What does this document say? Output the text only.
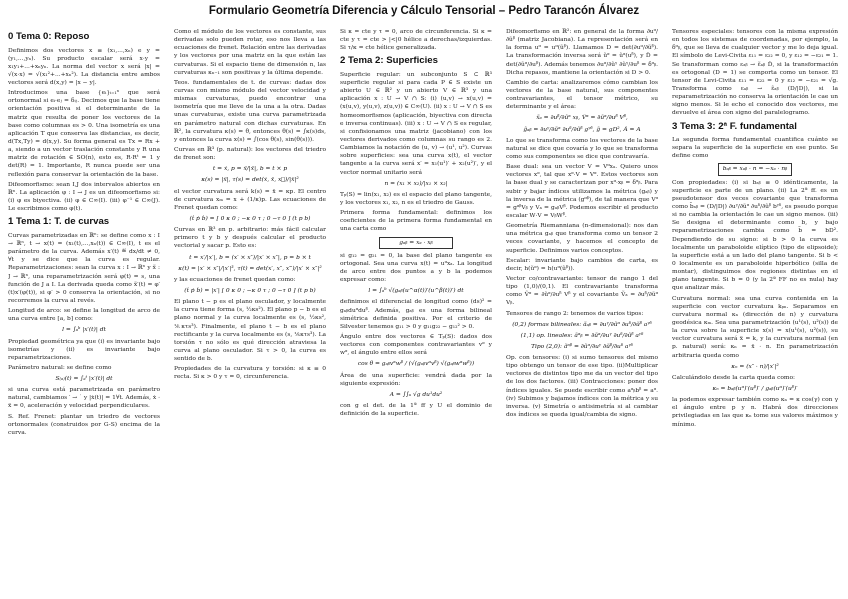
Formulario Geometría Diferencia y Cálculo Tensorial – Pedro Tarancón Álvarez
0 Tema 0: Reposo

Definimos dos vectores x ≡ (x₁,...,xₙ) e y = (y₁,...,yₙ). Su producto escalar será x·y = x₁y₁+...+xₙyₙ. La norma del vector x será |x| = √(x·x) = √(x₁²+...+xₙ²). La distancia entre ambos vectores será d(x,y) = |x − y|.

Introducimos una base {eᵢ}ᵢ₌₁ⁿ que será ortonormal si eᵢ·eⱼ = δᵢⱼ. Decimos que la base tiene orientación positiva si el determinante de la matriz que resulta de poner los vectores de la base como columnas es > 0. Una isometría es una aplicación T que conserva las distancias, es decir, d(Tx,Ty) = d(x,y). Su forma general es Tx = Rx + a, siendo a un vector traslación constante y R una matriz de rotación ∈ SO(n), esto es, R·Rᵗ = 1 y det(R) = 1. Importante, R nunca puede ser una reflexión para conservar la orientación de la base.

Difeomorfismo: sean I,J dos intervalos abiertos en ℝⁿ. La aplicación φ : I → J es un difeomorfismo si: (i) φ es biyectiva. (ii) φ ∈ C∞(I). (iii) φ⁻¹ ∈ C∞(J). Le escribimos como φ(t).

1 Tema 1: T. de curvas

Curvas parametrizadas en ℝⁿ: se define como x : I → ℝⁿ, t → x(t) = (x₁(t),...,xₙ(t)) ∈ C∞(I), t es el parámetro de la curva. Además x′(t) ≝ dx/dt ≠ 0, ∀t y se dice que la curva es regular. Reparametrizaciones: sean la curva x : I → ℝⁿ y x̃ : J → ℝⁿ, una reparametrización será φ(t) = s, una función de J a I. La derivada queda como x̃′(t) = φ′(t)x′(φ(t)), si φ′ > 0 conserva la orientación, si no recorremos la curva al revés.

Longitud de arco: se define la longitud de arco de una curva entre [a, b] como:

l = ∫ₐᵇ |x′(t)| dt

Propiedad geométrica ya que (i) es invariante bajo isometrías y (ii) es invariante bajo reparametrizaciones.

Parámetro natural: se define como

S₍ₐ₎(t) = ∫ₐᵗ |x′(t)| dt

si una curva está parametrizada en parámetro natural, cambiamos ′ → ˙ y |ẋ(t)| = 1∀t. Además, ẋ · ẍ = 0, aceleración y velocidad perpendiculares.

S. Ref. Frenet: plantar un triedro de vectores ortonormales (construidos por G-S) encima de la curva.

Como el módulo de los vectores es constante, sus derivadas solo pueden rotar, eso nos lleva a las ecuaciones de frenet. Relación entre las derivadas y los vectores por una matriz en la que están las curvaturas. Si el espacio tiene de dimensión n, las curvaturas κₙ₋₁ son positivas y la última depende.

Teos. fundamentales de t. de curvas: dadas dos curvas con mismo módulo del vector velocidad y mismas curvaturas, puedo encontrar una isometría que me lleve de la una a la otra. Dadas unas curvaturas, existe una curva parametrizada en parámetro natural con dichas curvaturas. En ℝ², la curvatura κ(s) = θ̇, entonces θ(s) = ∫κ(s)ds, y entonces la curva x(s) = ∫(cos θ(s), sin(θ(s))).

Curvas en ℝ³ (p. natural): los vectores del triedro de frenet son:

t = ẋ, p = ẍ/|ẍ|, b = t × p
κ(s) = |ẍ|, τ(s) = det(ẋ, ẍ, x⃛)/|ẍ|²

el vector curvatura será k(s) = ẍ = κp. El centro de curvatura xₘ = x + (1/κ)p. Las ecuaciones de Frenet quedan como:

(ṫ ṗ ḃ) = [ 0 κ 0 ; −κ 0 τ ; 0 −τ 0 ] (t p b)

Curvas en ℝ³ en p. arbitrario: más fácil calcular primero t y b y después calcular el producto vectorial y sacar p. Esto es:

t = x′/|x′|, b = (x′ × x″)/|x′ × x″|, p = b × t
κ(t) = |x′ × x″|/|x′|³, τ(t) = det(x′, x″, x‴)/|x′ × x″|²

y las ecuaciones de frenet quedan como:

(ṫ ṗ ḃ) = |x′| [ 0 κ 0 ; −κ 0 τ ; 0 −τ 0 ] (t p b)

El plano t − p es el plano osculador, y localmente la curva tiene forma (s, ½κs²). El plano p − b es el plano normal y la curva localmente es (s, ½κs², ⅙κτs³). Finalmente, el plano t − b es el plano rectificante y la curva localmente es (s, ⅙κτs³). La torsión τ no sólo es qué dirección atraviesa la curva al plano osculador. Si τ > 0, la curva es sentido de b.

Propiedades de la curvatura y torsión: si κ ≡ 0 recta. Si κ > 0 y τ = 0, circunferencia.

Si κ = cte y τ = 0, arco de circunferencia. Si κ = cte y τ = cte > |<|0 hélice a derechas/izquierdas. Si τ/κ = cte hélice generalizada.

2 Tema 2: Superficies

Superficie regular: un subconjunto S ⊂ ℝ³ superficie regular si para cada P ∈ S existe un abierto U ∈ ℝ² y un abierto V ∈ ℝ³ y una aplicación x : U → V ∩ S: (i) (u,v) → x(u,v) = (x(u,v), y(u,v), z(u,v)) ∈ C∞(U). (ii) x : U → V ∩ S es homeomorfismos (aplicación, biyectiva con directa e inversa continuas). (iii) x : U → V ∩ S es regular, si confisionamos una matriz (jacobiano) con los vectores derivados como columnas su rango es 2. Cambiamos la notación de (u, v) → (u¹, u²). Curvas sobre superficies: sea una curva x(t), el vector tangente a la curva será x′ = x₁(u¹)′ + x₂(u²)′, y el vector normal unitario será

n = (x₁ × x₂)/|x₁ × x₂|

Tₚ(S) = lin(x₁, x₂) es el espacio del plano tangente, y los vectores x₁, x₂, n es el triedro de Gauss.

Primera forma fundamental: definimos los coeficientes de la primera forma fundamental en una carta como

gₐᵦ = xₐ · xᵦ

si g₁₂ = g₂₁ = 0, la base del plano tangente es ortogonal. Sea una curva x(t) = uᵅxₐ. La longitud de arco entre dos puntos a y b la podemos expresar como:

l = ∫ₐᵇ √(gₐᵦ(u^α(t))′(u^β(t))′) dt

definimos el diferencial de longitud como (ds)² = gₐᵦduᵅduᵝ. Además, gₐᵦ es una forma bilineal simétrica definida positiva. Por el criterio de Silvester tenemos g₁₁ > 0 y g₁₁g₂₂ − g₁₂² > 0.

Ángulo entre dos vectores ∈ Tₚ(S): dados dos vectores con componentes contravariantes vᵅ y wᵅ, el ángulo entre ellos será

cos θ = gₐᵦvᵅwᵝ / (√(gₐᵦvᵅvᵝ) √(gₐᵦwᵅwᵝ))

Área de una superficie: vendrá dada por la siguiente expresión:

A = ∫∫ᵤ √g du¹du²

con g el det. de la 1ª ff y U el dominio de definición de la superficie.

Difeomorfismo en ℝ²: en general de la forma ∂uᵅ/∂ũᵝ (matriz Jacobiana). La representación será en la forma uᵅ = uᵅ(ũᵝ). Llamamos D = det(∂uᵅ/∂ũᵝ). La transformación inversa será ũᵅ = ũᵅ(uᵝ), y D̃ = det(∂ũᵅ/∂uᵝ). Además tenemos ∂uᵅ/∂ũᵞ ∂ũᵞ/∂uᵝ = δᵅᵦ. Dicha repasos, mantiene la orientación si D > 0.

Cambio de carta: analizaremos cómo cambian los vectores de la base natural, sus componentes contravariantes, el tensor métrico, su determinante y el área:

x̃ₐ = ∂uᵝ/∂ũᵅ xᵦ, Ṽᵅ = ∂ũᵅ/∂uᵝ Vᵝ,
g̃ₐᵦ = ∂uᵞ/∂ũᵅ ∂uᵟ/∂ũᵝ gᵞᵟ, g̃ = gD², Ã = A

Lo que se transforma como los vectores de la base natural se dice que covaría y lo que se transforma como sus componentes se dice que contravaría.

Base dual: sea un vector V = Vᵅxₐ. Quiero unos vectores xᵅ, tal que xᵅ·V = Vᵅ. Estos vectores son la base dual y se caracterizan por xᵅ·xᵦ = δᵅᵦ. Para subir y bajar índices utilizamos la métrica (gₐᵦ) y la inversa de la métrica (gᵅᵝ), de tal manera que Vᵅ = gᵅᵝVᵦ y Vₐ = gₐᵦVᵝ. Podemos escribir el producto escalar W·V = VᵦWᵝ.

Geometría Riemanniana (n-dimensional): nos dan una métrica gₐᵦ que transforma como un tensor 2 veces covariante, y hacemos el concepto de superficie. Definimos varios conceptos.

Escalar: invariante bajo cambios de carta, es decir, h(ũᵅ) = h(uᵅ(ũᵝ)).

Vector co/contravariante: tensor de rango 1 del tipo (1,0)/(0,1). El contravariante transforma como Ṽᵅ = ∂ũᵅ/∂uᵝ Vᵝ y el covariante Ṽₐ = ∂uᵝ/∂ũᵅ Vᵦ.

Tensores de rango 2: tenemos de varios tipos:

(0,2) formas bilineales: ãₐᵦ = ∂uᵞ/∂ũᵅ ∂uᵟ/∂ũᵝ aᵞᵟ
(1,1) op. lineales: ãᵅᵦ = ∂ũᵅ/∂uᵞ ∂uᵟ/∂ũᵝ aᵞᵟ
Tipo (2,0): ãᵅᵝ = ∂ũᵅ/∂uᵞ ∂ũᵝ/∂uᵟ aᵞᵟ

Op. con tensores: (i) si sumo tensores del mismo tipo obtengo un tensor de ese tipo. (ii)Multiplicar vectores de distintos tipo me da un vector del tipo de los dos factores. (iii) Contracciones: poner dos índices iguales. Se puede escribir como aᵅᵦbᵝ = aᵅ. (iv) Subimos y bajamos índices con la métrica y su inversa. (v) Simetría o antisimetría si al cambiar dos índices se queda igual/cambia de signo.

Tensores especiales: tensores con la misma expresión en todos los sistemas de coordenadas, por ejemplo, la δᵅᵦ, que se lleva de cualquier vector y me lo deja igual. El símbolo de Levi-Civita ε₁₁ = ε₂₂ = 0, y ε₁₂ = −ε₂₁ = 1. Se transforman como εₐᵦ → ε̃ₐᵦ D̃, si la transformación es ortogonal (D = 1) se comporta como un tensor. El tensor de Levi-Civita ε₁₁ = ε₂₂ = 0 y ε₁₂ = −ε₂₁ = √g. Transforma como εₐᵦ → ε̃ₐᵦ (D/|D|), si la reparametrización no conserva la orientación le cae un signo menos. Si le echo el conocido dos vectores, me devuelve el área con signo del paralelogramo.

3 Tema 3: 2ª F. fundamental

La segunda forma fundamental cuantifica cuánto se separa la superficie de la superficie en ese punto. Se define como

bₐᵦ = xₐᵦ · n = −xₐ · nᵦ

Con propiedades: (i) si bₐᵦ ≡ 0 idénticamente, la superficie es parte de un plano. (ii) La 2ª ff. es un pseudotensor dos veces covariante que transforma como b̃ₐᵦ = (D/|D|) ∂uᵞ/∂ũᵅ ∂uᵟ/∂ũᵝ bᵞᵟ, es pseudo porque si no cambia la orientación le cae un signo menos. (iii) Se designa el determinante como b, y bajo reparametrizaciones cambia como b̃ = bD². Dependiendo de su signo: si b > 0 la curva es localmente un paraboloide elíptico (tipo de elipsoide); la superficie está a un lado del plano tangente. Si b < 0 localmente es un paraboloide hiperbólico (silla de montar), distinguimos dos regiones distintas en el plano tangente. Si b = 0 (y la 2ª FF no es nula) hay que analizar más.

Curvatura normal: sea una curva contenida en la superficie con vector curvatura kₚₙ. Separamos en curvatura normal κₙ (dirección de n) y curvatura geodésica κₘ. Sea una parametrización (u¹(s), u²(s)) de la curva sobre la superficie x(s) = x(u¹(s), u²(s)), su vector curvatura será ẍ = k, y la curvatura normal (en p. natural) será: κₙ = ẍ · n. En parametrización arbitraria queda como

κₙ = (x″ · n)/|x′|²

Calculándolo desde la carta queda como:

κₙ = bₐᵦ(uᵅ)′(uᵝ)′ / gₐᵦ(uᵅ)′(uᵝ)′

la podemos expresar también como κₙ = κ cos(γ) con γ el ángulo entre p y n. Habrá dos direcciones privilegiadas en las que κₙ tome sus valores máximos y mínimo.
